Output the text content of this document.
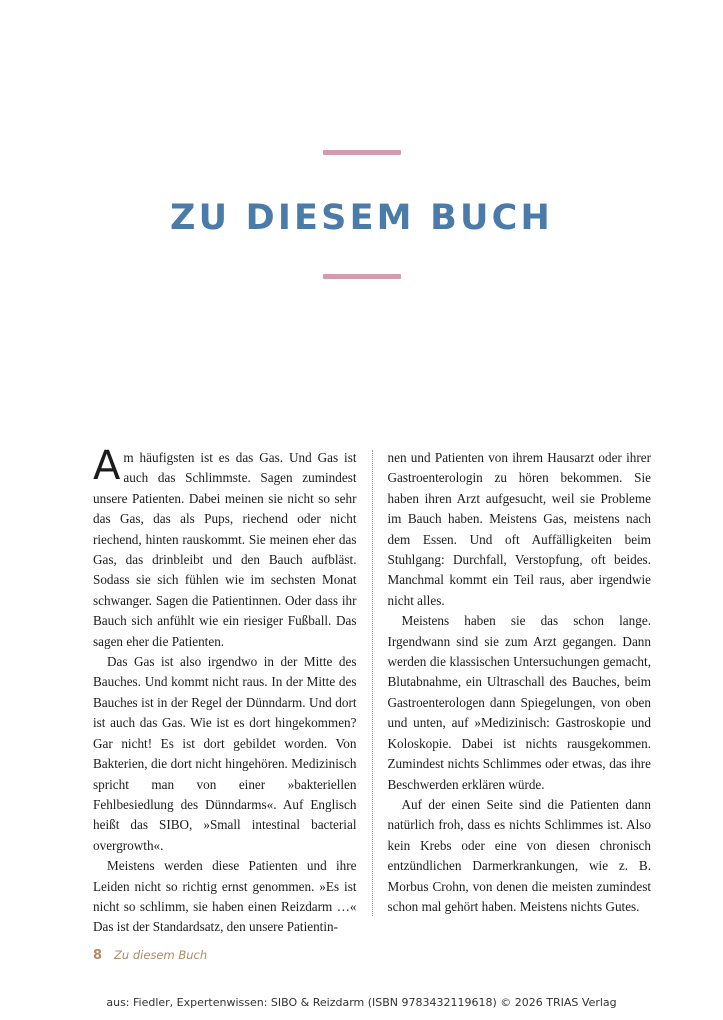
ZU DIESEM BUCH

Am häufigsten ist es das Gas. Und Gas ist auch das Schlimmste. Sagen zumindest unsere Patienten. Dabei meinen sie nicht so sehr das Gas, das als Pups, riechend oder nicht riechend, hinten rauskommt. Sie meinen eher das Gas, das drinbleibt und den Bauch aufbläst. Sodass sie sich fühlen wie im sechsten Monat schwanger. Sagen die Patientinnen. Oder dass ihr Bauch sich anfühlt wie ein riesiger Fußball. Das sagen eher die Patienten.

Das Gas ist also irgendwo in der Mitte des Bauches. Und kommt nicht raus. In der Mitte des Bauches ist in der Regel der Dünndarm. Und dort ist auch das Gas. Wie ist es dort hingekommen? Gar nicht! Es ist dort gebildet worden. Von Bakterien, die dort nicht hingehören. Medizinisch spricht man von einer »bakteriellen Fehlbesiedlung des Dünndarms«. Auf Englisch heißt das SIBO, »Small intestinal bacterial overgrowth«.

Meistens werden diese Patienten und ihre Leiden nicht so richtig ernst genommen. »Es ist nicht so schlimm, sie haben einen Reizdarm …« Das ist der Standardsatz, den unsere Patientin-

nen und Patienten von ihrem Hausarzt oder ihrer Gastroenterologin zu hören bekommen. Sie haben ihren Arzt aufgesucht, weil sie Probleme im Bauch haben. Meistens Gas, meistens nach dem Essen. Und oft Auffälligkeiten beim Stuhlgang: Durchfall, Verstopfung, oft beides. Manchmal kommt ein Teil raus, aber irgendwie nicht alles.

Meistens haben sie das schon lange. Irgendwann sind sie zum Arzt gegangen. Dann werden die klassischen Untersuchungen gemacht, Blutabnahme, ein Ultraschall des Bauches, beim Gastroenterologen dann Spiegelungen, von oben und unten, auf »Medizinisch: Gastroskopie und Koloskopie. Dabei ist nichts rausgekommen. Zumindest nichts Schlimmes oder etwas, das ihre Beschwerden erklären würde.

Auf der einen Seite sind die Patienten dann natürlich froh, dass es nichts Schlimmes ist. Also kein Krebs oder eine von diesen chronisch entzündlichen Darmerkrankungen, wie z. B. Morbus Crohn, von denen die meisten zumindest schon mal gehört haben. Meistens nichts Gutes.

8 Zu diesem Buch
aus: Fiedler, Expertenwissen: SIBO & Reizdarm (ISBN 9783432119618) © 2026 TRIAS Verlag
